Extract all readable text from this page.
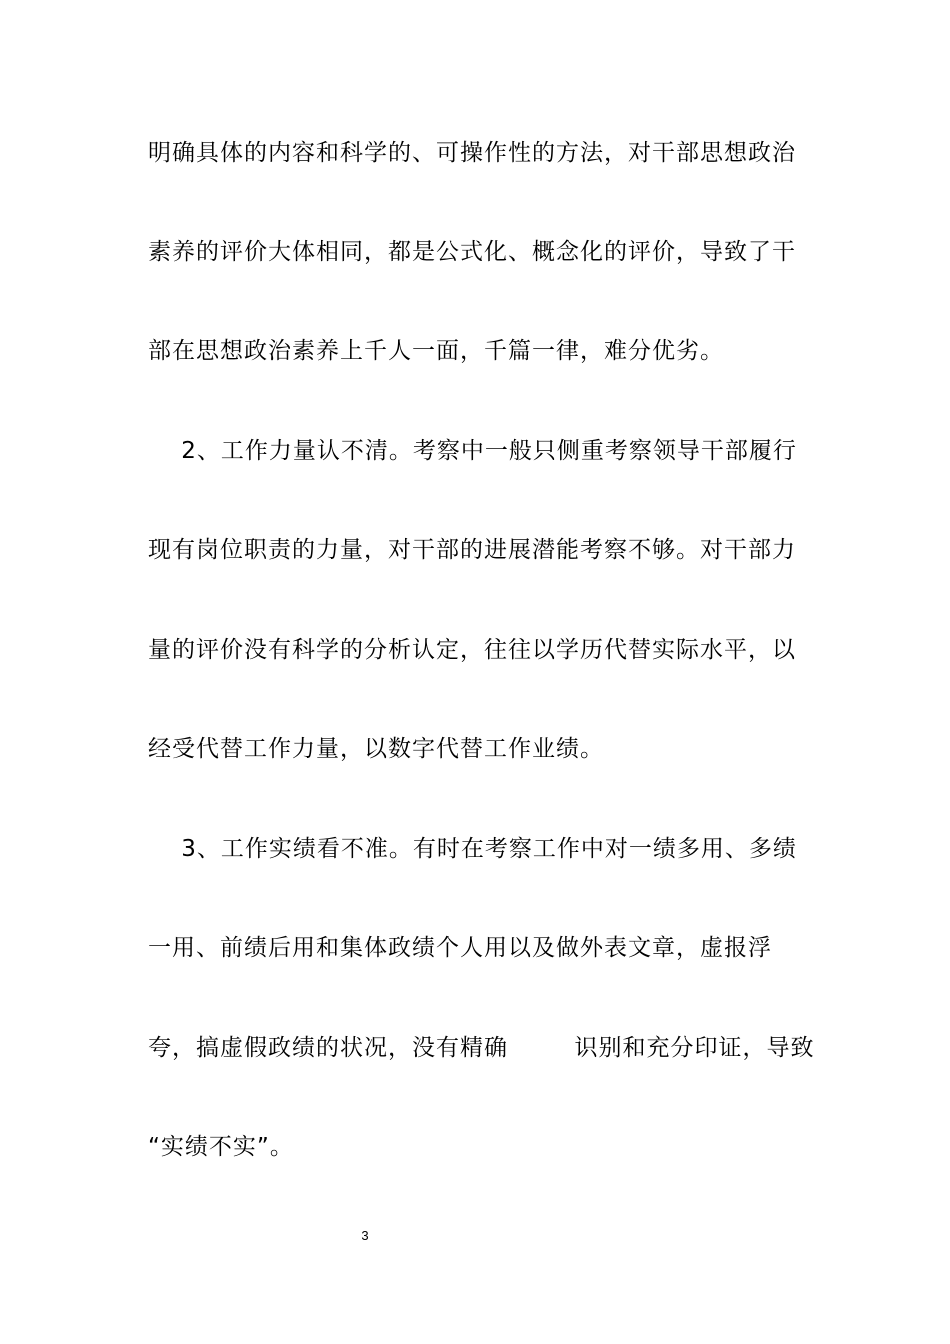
明确具体的内容和科学的、可操作性的方法，对干部思想政治
素养的评价大体相同，都是公式化、概念化的评价，导致了干
部在思想政治素养上千人一面，千篇一律，难分优劣。
2、工作力量认不清。考察中一般只侧重考察领导干部履行
现有岗位职责的力量，对干部的进展潜能考察不够。对干部力
量的评价没有科学的分析认定，往往以学历代替实际水平，以
经受代替工作力量，以数字代替工作业绩。
3、工作实绩看不准。有时在考察工作中对一绩多用、多绩
一用、前绩后用和集体政绩个人用以及做外表文章，虚报浮
夸，搞虚假政绩的状况，没有精确        识别和充分印证，导致
“实绩不实”。
3
